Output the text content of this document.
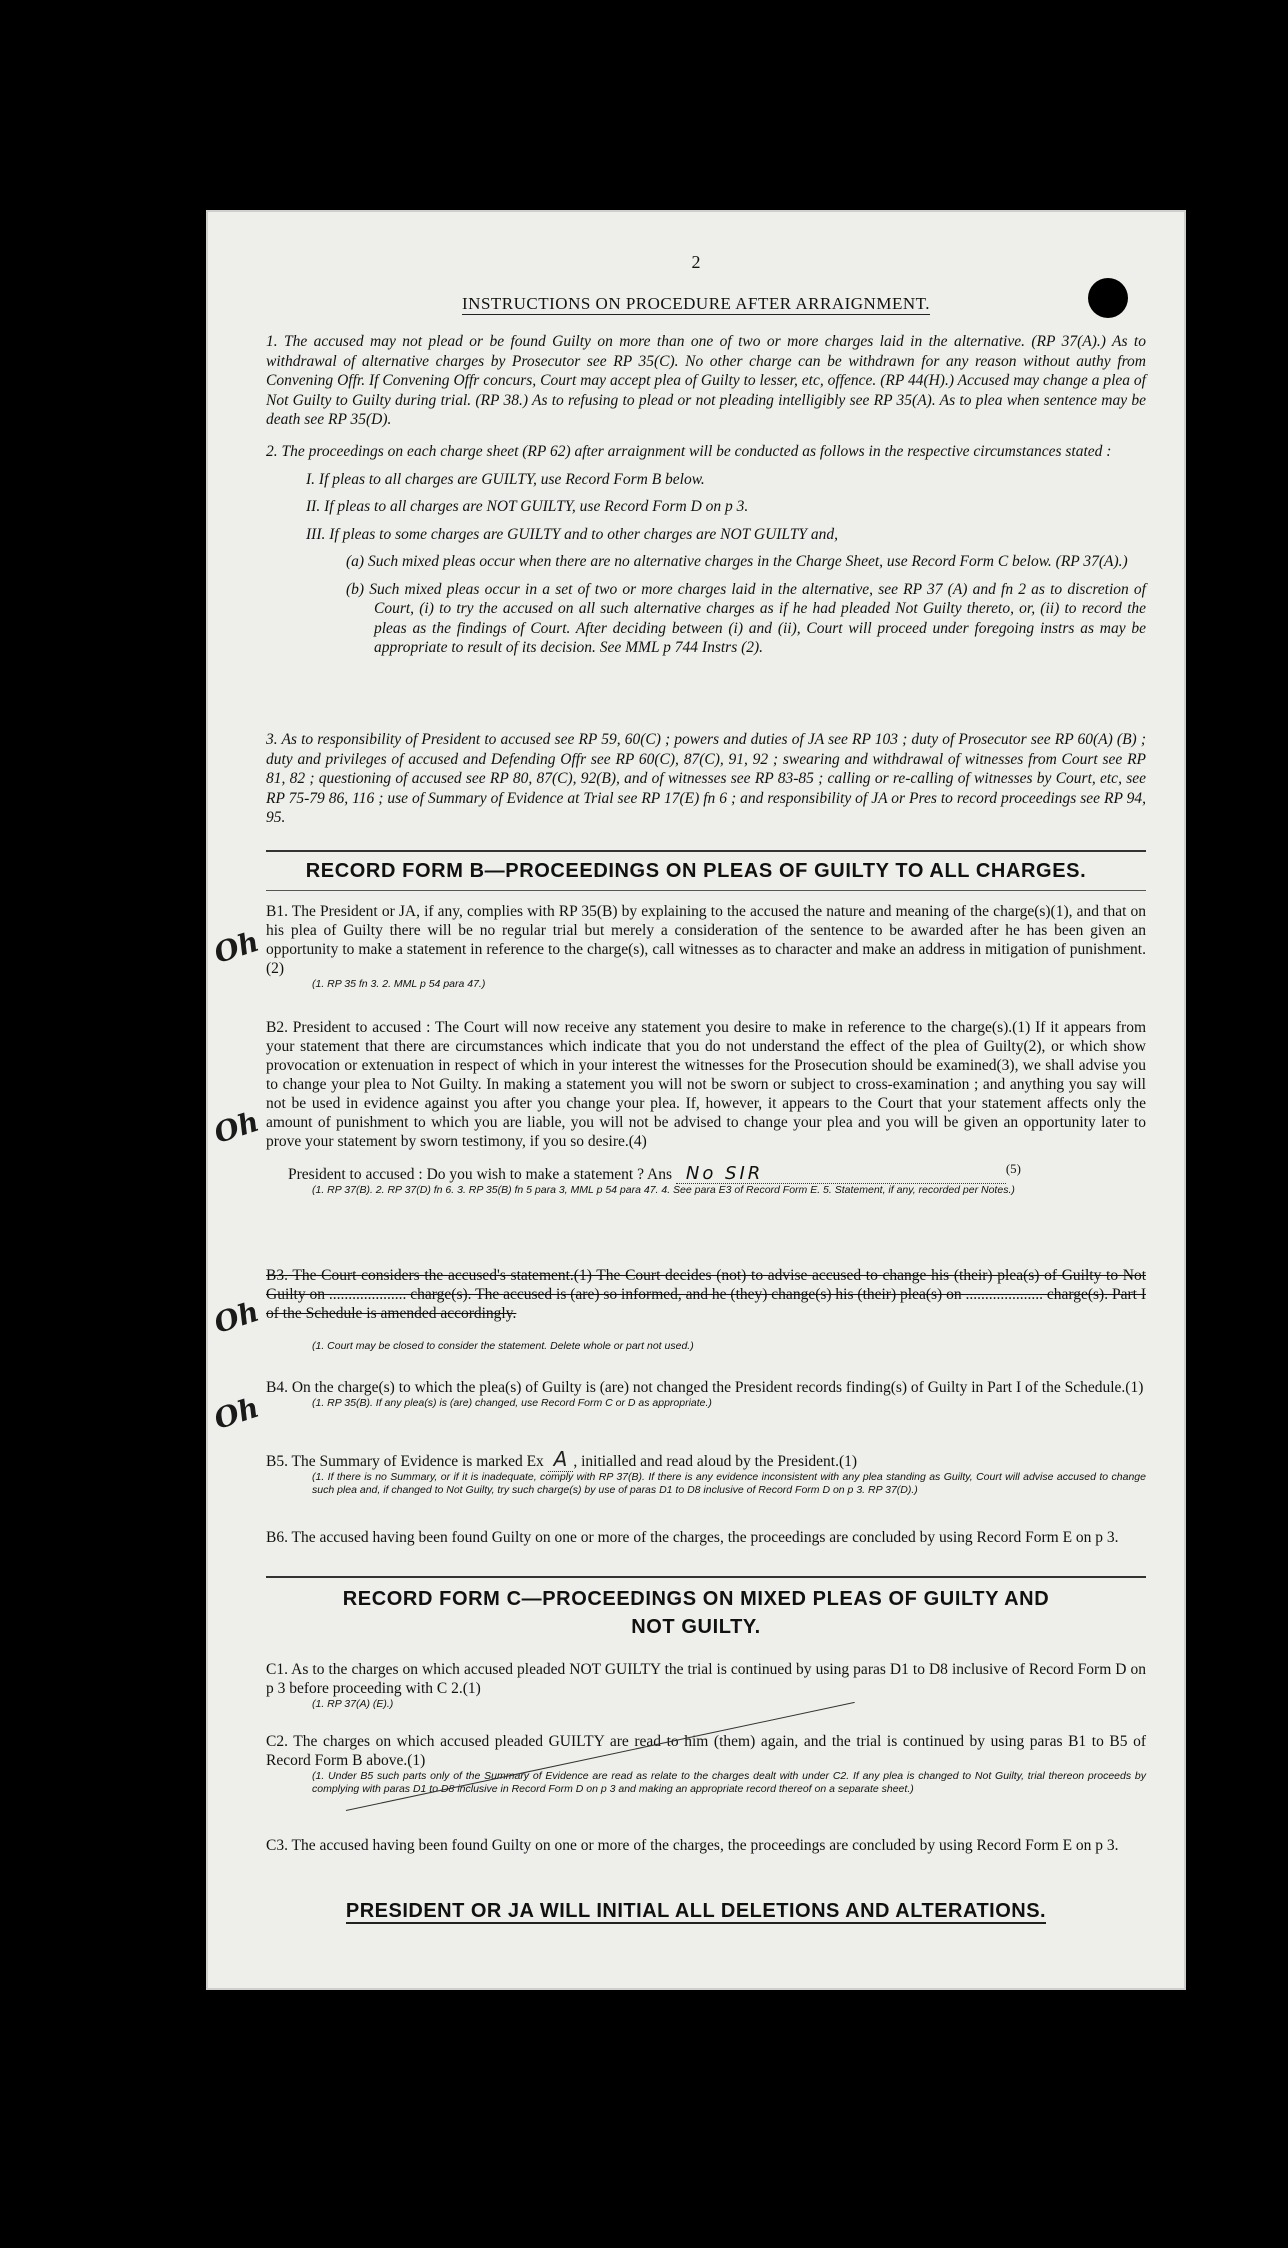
2
INSTRUCTIONS ON PROCEDURE AFTER ARRAIGNMENT.
1. The accused may not plead or be found Guilty on more than one of two or more charges laid in the alternative. (RP 37(A).) As to withdrawal of alternative charges by Prosecutor see RP 35(C). No other charge can be withdrawn for any reason without authy from Convening Offr. If Convening Offr concurs, Court may accept plea of Guilty to lesser, etc, offence. (RP 44(H).) Accused may change a plea of Not Guilty to Guilty during trial. (RP 38.) As to refusing to plead or not pleading intelligibly see RP 35(A). As to plea when sentence may be death see RP 35(D).
2. The proceedings on each charge sheet (RP 62) after arraignment will be conducted as follows in the respective circumstances stated :
I. If pleas to all charges are GUILTY, use Record Form B below.
II. If pleas to all charges are NOT GUILTY, use Record Form D on p 3.
III. If pleas to some charges are GUILTY and to other charges are NOT GUILTY and,
(a) Such mixed pleas occur when there are no alternative charges in the Charge Sheet, use Record Form C below. (RP 37(A).)
(b) Such mixed pleas occur in a set of two or more charges laid in the alternative, see RP 37 (A) and fn 2 as to discretion of Court, (i) to try the accused on all such alternative charges as if he had pleaded Not Guilty thereto, or, (ii) to record the pleas as the findings of Court. After deciding between (i) and (ii), Court will proceed under foregoing instrs as may be appropriate to result of its decision. See MML p 744 Instrs (2).
3. As to responsibility of President to accused see RP 59, 60(C) ; powers and duties of JA see RP 103 ; duty of Prosecutor see RP 60(A) (B) ; duty and privileges of accused and Defending Offr see RP 60(C), 87(C), 91, 92 ; swearing and withdrawal of witnesses from Court see RP 81, 82 ; questioning of accused see RP 80, 87(C), 92(B), and of witnesses see RP 83-85 ; calling or re-calling of witnesses by Court, etc, see RP 75-79 86, 116 ; use of Summary of Evidence at Trial see RP 17(E) fn 6 ; and responsibility of JA or Pres to record proceedings see RP 94, 95.
RECORD FORM B—PROCEEDINGS ON PLEAS OF GUILTY TO ALL CHARGES.
Oh
B1. The President or JA, if any, complies with RP 35(B) by explaining to the accused the nature and meaning of the charge(s)(1), and that on his plea of Guilty there will be no regular trial but merely a consideration of the sentence to be awarded after he has been given an opportunity to make a statement in reference to the charge(s), call witnesses as to character and make an address in mitigation of punishment.(2)
(1. RP 35 fn 3. 2. MML p 54 para 47.)
Oh
B2. President to accused : The Court will now receive any statement you desire to make in reference to the charge(s).(1) If it appears from your statement that there are circumstances which indicate that you do not understand the effect of the plea of Guilty(2), or which show provocation or extenuation in respect of which in your interest the witnesses for the Prosecution should be examined(3), we shall advise you to change your plea to Not Guilty. In making a statement you will not be sworn or subject to cross-examination ; and anything you say will not be used in evidence against you after you change your plea. If, however, it appears to the Court that your statement affects only the amount of punishment to which you are liable, you will not be advised to change your plea and you will be given an opportunity later to prove your statement by sworn testimony, if you so desire.(4)
President to accused : Do you wish to make a statement ? Ans No SIR	$^{(5)}$
(1. RP 37(B). 2. RP 37(D) fn 6. 3. RP 35(B) fn 5 para 3, MML p 54 para 47. 4. See para E3 of Record Form E. 5. Statement, if any, recorded per Notes.)
Oh
B3. The Court considers the accused's statement.(1) The Court decides (not) to advise accused to change his (their) plea(s) of Guilty to Not Guilty on .................... charge(s). The accused is (are) so informed, and he (they) change(s) his (their) plea(s) on .................... charge(s). Part I of the Schedule is amended accordingly.
(1. Court may be closed to consider the statement. Delete whole or part not used.)
Oh
B4. On the charge(s) to which the plea(s) of Guilty is (are) not changed the President records finding(s) of Guilty in Part I of the Schedule.(1)
(1. RP 35(B). If any plea(s) is (are) changed, use Record Form C or D as appropriate.)
B5. The Summary of Evidence is marked Ex A , initialled and read aloud by the President.(1)
(1. If there is no Summary, or if it is inadequate, comply with RP 37(B). If there is any evidence inconsistent with any plea standing as Guilty, Court will advise accused to change such plea and, if changed to Not Guilty, try such charge(s) by use of paras D1 to D8 inclusive of Record Form D on p 3. RP 37(D).)
B6. The accused having been found Guilty on one or more of the charges, the proceedings are concluded by using Record Form E on p 3.
RECORD FORM C—PROCEEDINGS ON MIXED PLEAS OF GUILTY AND
NOT GUILTY.
C1. As to the charges on which accused pleaded NOT GUILTY the trial is continued by using paras D1 to D8 inclusive of Record Form D on p 3 before proceeding with C 2.(1)
(1. RP 37(A) (E).)
C2. The charges on which accused pleaded GUILTY are read to him (them) again, and the trial is continued by using paras B1 to B5 of Record Form B above.(1)
(1. Under B5 such parts only of the Summary of Evidence are read as relate to the charges dealt with under C2. If any plea is changed to Not Guilty, trial thereon proceeds by complying with paras D1 to D8 inclusive in Record Form D on p 3 and making an appropriate record thereof on a separate sheet.)
C3. The accused having been found Guilty on one or more of the charges, the proceedings are concluded by using Record Form E on p 3.
PRESIDENT OR JA WILL INITIAL ALL DELETIONS AND ALTERATIONS.
